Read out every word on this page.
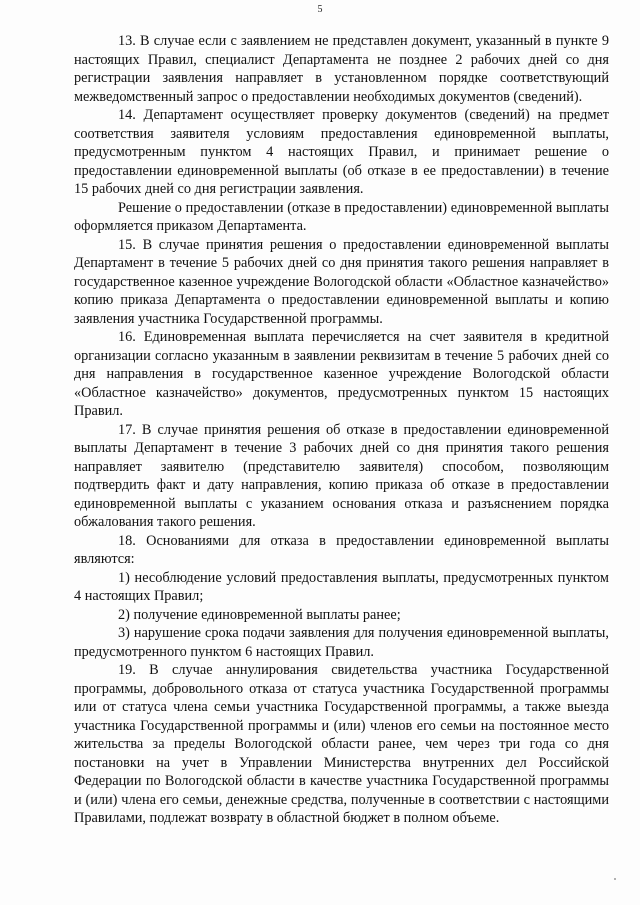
5

13. В случае если с заявлением не представлен документ, указанный в пункте 9 настоящих Правил, специалист Департамента не позднее 2 рабочих дней со дня регистрации заявления направляет в установленном порядке соответствующий межведомственный запрос о предоставлении необходимых документов (сведений).

14. Департамент осуществляет проверку документов (сведений) на предмет соответствия заявителя условиям предоставления единовременной выплаты, предусмотренным пунктом 4 настоящих Правил, и принимает решение о предоставлении единовременной выплаты (об отказе в ее предоставлении) в течение 15 рабочих дней со дня регистрации заявления.

Решение о предоставлении (отказе в предоставлении) единовременной выплаты оформляется приказом Департамента.

15. В случае принятия решения о предоставлении единовременной выплаты Департамент в течение 5 рабочих дней со дня принятия такого решения направляет в государственное казенное учреждение Вологодской области «Областное казначейство» копию приказа Департамента о предоставлении единовременной выплаты и копию заявления участника Государственной программы.

16. Единовременная выплата перечисляется на счет заявителя в кредитной организации согласно указанным в заявлении реквизитам в течение 5 рабочих дней со дня направления в государственное казенное учреждение Вологодской области «Областное казначейство» документов, предусмотренных пунктом 15 настоящих Правил.

17. В случае принятия решения об отказе в предоставлении единовременной выплаты Департамент в течение 3 рабочих дней со дня принятия такого решения направляет заявителю (представителю заявителя) способом, позволяющим подтвердить факт и дату направления, копию приказа об отказе в предоставлении единовременной выплаты с указанием основания отказа и разъяснением порядка обжалования такого решения.

18. Основаниями для отказа в предоставлении единовременной выплаты являются:

1) несоблюдение условий предоставления выплаты, предусмотренных пунктом 4 настоящих Правил;

2) получение единовременной выплаты ранее;

3) нарушение срока подачи заявления для получения единовременной выплаты, предусмотренного пунктом 6 настоящих Правил.

19. В случае аннулирования свидетельства участника Государственной программы, добровольного отказа от статуса участника Государственной программы или от статуса члена семьи участника Государственной программы, а также выезда участника Государственной программы и (или) членов его семьи на постоянное место жительства за пределы Вологодской области ранее, чем через три года со дня постановки на учет в Управлении Министерства внутренних дел Российской Федерации по Вологодской области в качестве участника Государственной программы и (или) члена его семьи, денежные средства, полученные в соответствии с настоящими Правилами, подлежат возврату в областной бюджет в полном объеме.
